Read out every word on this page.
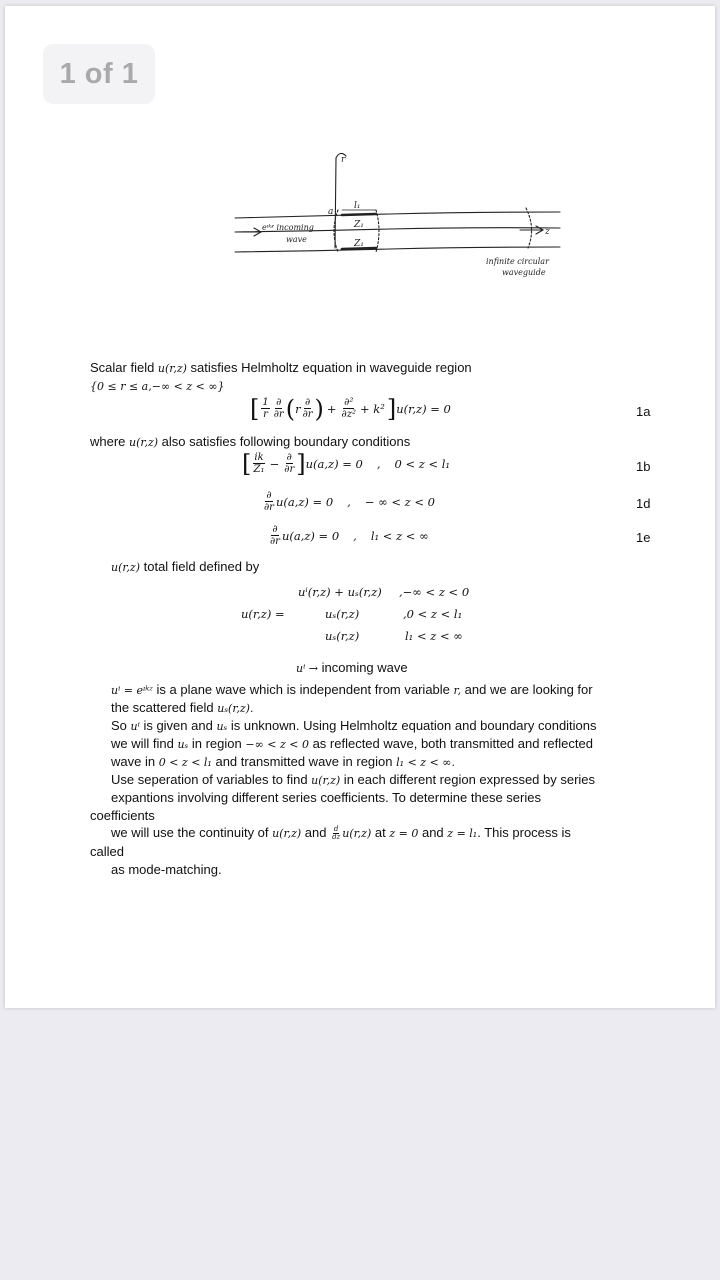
1 of 1
r
a
l₁
Z₁
Z₁
z
eᶦᵏᶻ incoming
wave
infinite circular
waveguide
Scalar field u(r,z) satisfies Helmholtz equation in waveguide region
{0 ≤ r ≤ a,−∞ < z < ∞}
[ $\frac{1}{r} \frac{\partial}{\partial r}$ ( r $\frac{\partial}{\partial r}$ ) + $\frac{\text{∂²}}{\text{∂z²}} + k^2$ ] u(r,z) = 0	1a
where u(r,z) also satisfies following boundary conditions
[ $\frac{ik}{\text{Z₁}} - \frac{\partial}{\partial r}$ ] u(a,z) = 0 , 0 < z < l₁	1b
$\frac{\partial}{\partial r} u(a,z) = 0$ , − ∞ < z < 0	1d
$\frac{\partial}{\partial r} u(a,z) = 0$ , l₁ < z < ∞	1e
u(r,z) total field defined by
u(r,z) =
uⁱ(r,z) + uₛ(r,z) ,−∞ < z < 0
uₛ(r,z)	,0 < z < l₁
uₛ(r,z)	l₁ < z < ∞
uⁱ → incoming wave
uⁱ = eᶦᵏᶻ is a plane wave which is independent from variable r, and we are looking for
the scattered field uₛ(r,z).
So uⁱ is given and uₛ is unknown. Using Helmholtz equation and boundary conditions
we will find uₛ in region −∞ < z < 0 as reflected wave, both transmitted and reflected
wave in 0 < z < l₁ and transmitted wave in region l₁ < z < ∞.
Use seperation of variables to find u(r,z) in each different region expressed by series
expantions involving different series coefficients. To determine these series
coefficients
we will use the continuity of u(r,z) and $\frac{d}{dz} u(r,z)$ at z = 0 and z = l₁. This process is
called
as mode-matching.
